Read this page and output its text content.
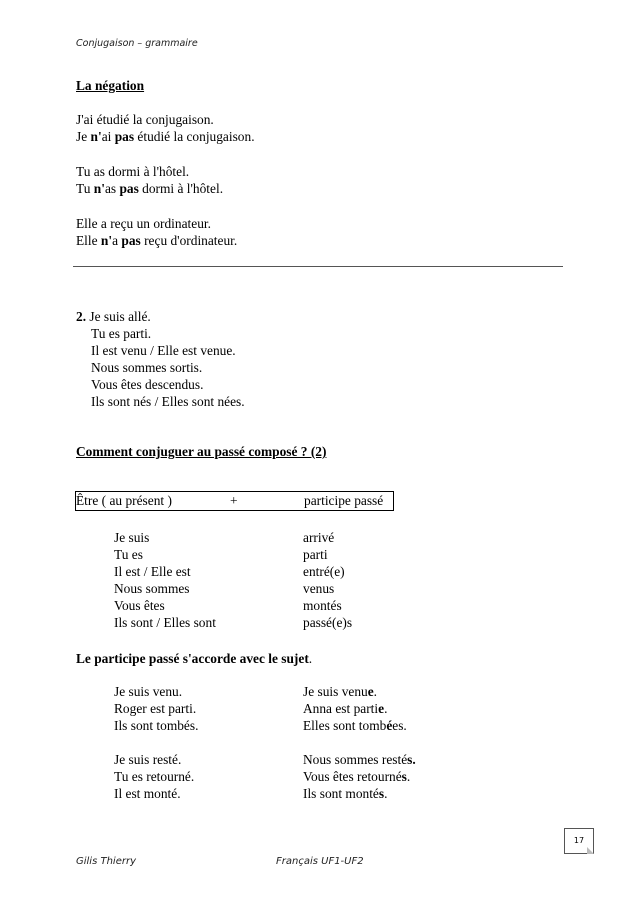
Conjugaison – grammaire
La négation
J'ai étudié la conjugaison.
Je n'ai pas étudié la conjugaison.
Tu as dormi à l'hôtel.
Tu n'as pas dormi à l'hôtel.
Elle a reçu un ordinateur.
Elle n'a pas reçu d'ordinateur.
2. Je suis allé.
Tu es parti.
Il est venu / Elle est venue.
Nous sommes sortis.
Vous êtes descendus.
Ils sont nés / Elles sont nées.
Comment conjuguer au passé composé ? (2)
Être ( au présent )	+	participe passé
Je suis	arrivé
Tu es	parti
Il est / Elle est	entré(e)
Nous sommes	venus
Vous êtes	montés
Ils sont / Elles sont	passé(e)s
Le participe passé s'accorde avec le sujet.
Je suis venu.	Je suis venue.
Roger est parti.	Anna est partie.
Ils sont tombés.	Elles sont tombées.
Je suis resté.	Nous sommes restés.
Tu es retourné.	Vous êtes retournés.
Il est monté.	Ils sont montés.
17
Gilis Thierry	Français UF1-UF2
